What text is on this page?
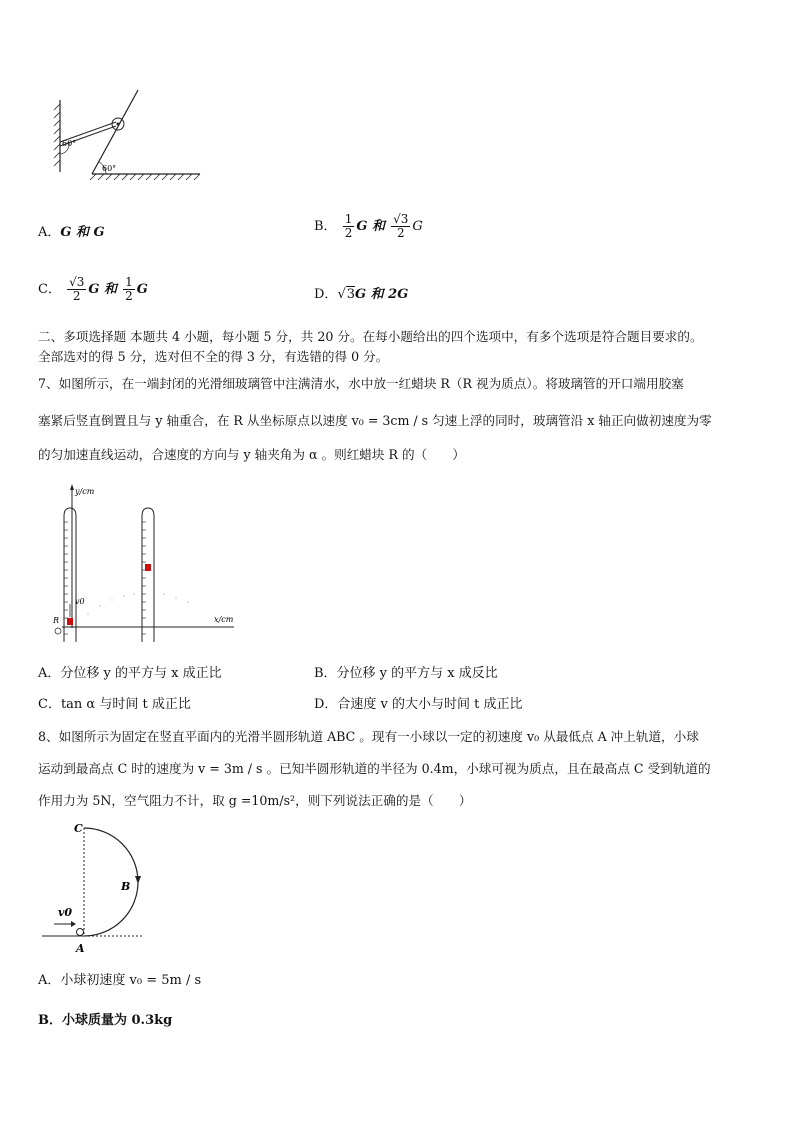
60°
60°
A．G 和 G	B． $\frac{1}{2}$ G 和 $\frac{√3}{2}$ G
C． $\frac{√3}{2}$ G 和 $\frac{1}{2}$ G	D．√3G 和 2G
二、多项选择题 本题共 4 小题，每小题 5 分，共 20 分。在每小题给出的四个选项中，有多个选项是符合题目要求的。
全部选对的得 5 分，选对但不全的得 3 分，有选错的得 0 分。
7、如图所示，在一端封闭的光滑细玻璃管中注满清水，水中放一红蜡块 R（R 视为质点）。将玻璃管的开口端用胶塞
塞紧后竖直倒置且与 y 轴重合，在 R 从坐标原点以速度 v₀ = 3cm / s 匀速上浮的同时，玻璃管沿 x 轴正向做初速度为零
的匀加速直线运动，合速度的方向与 y 轴夹角为 α 。则红蜡块 R 的（　　）
y/cm
x/cm
v0
R
A．分位移 y 的平方与 x 成正比	B．分位移 y 的平方与 x 成反比
C．tan α 与时间 t 成正比	D．合速度 v 的大小与时间 t 成正比
8、如图所示为固定在竖直平面内的光滑半圆形轨道 ABC 。现有一小球以一定的初速度 v₀ 从最低点 A 冲上轨道，小球
运动到最高点 C 时的速度为 v = 3m / s 。已知半圆形轨道的半径为 0.4m，小球可视为质点，且在最高点 C 受到轨道的
作用力为 5N，空气阻力不计，取 g =10m/s²，则下列说法正确的是（　　）
v0
C
B
A
A．小球初速度 v₀ = 5m / s
B．小球质量为 0.3kg
